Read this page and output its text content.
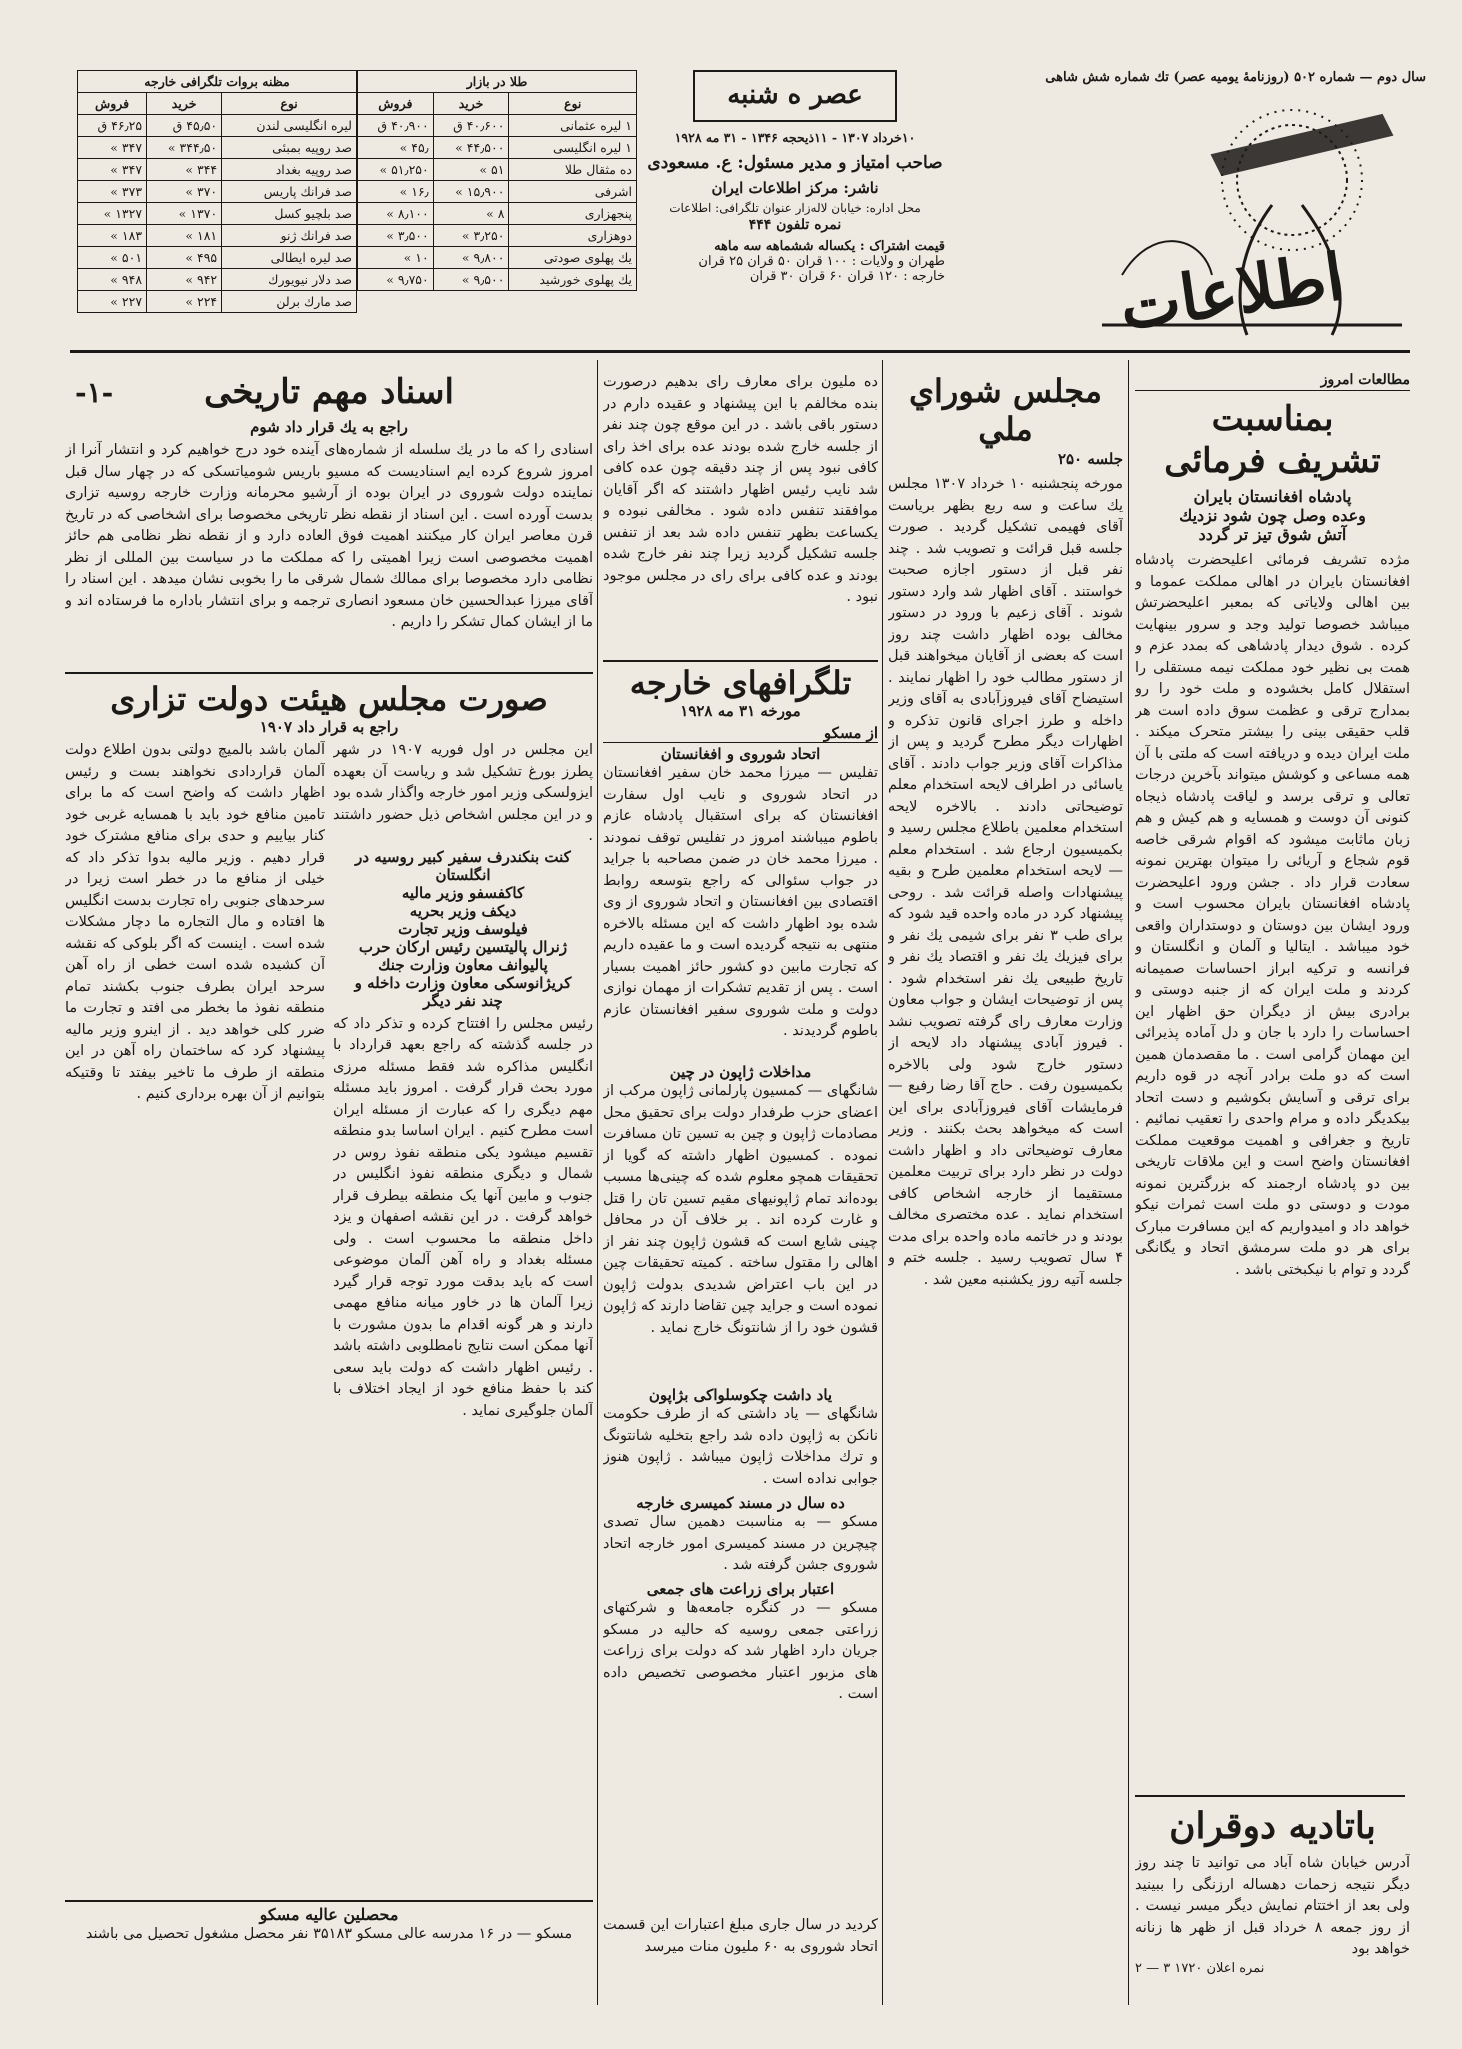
سال دوم — شماره ۵۰۲ (روزنامهٔ یومیه عصر) تك شماره شش شاهی
اطلاعات
عصر ه شنبه
۱۰خرداد ۱۳۰۷ - ۱۱ذیحجه ۱۳۴۶ - ۳۱ مه ۱۹۲۸
صاحب امتیاز و مدیر مسئول: ع. مسعودی
ناشر: مرکز اطلاعات ایران
محل اداره: خیابان لاله‌زار عنوان تلگرافی: اطلاعات
نمره تلفون ۴۴۴
قیمت اشتراک : یکساله ششماهه سه ماهه
طهران و ولایات : ۱۰۰ قران ۵۰ قران ۲۵ قران
خارجه : ۱۲۰ قران ۶۰ قران ۳۰ قران
طلا در بازار		
نوع	خرید	فروش
۱ لیره عثمانی	۴۰٫۶۰۰ ق	۴۰٫۹۰۰ ق
۱ لیره انگلیسی	۴۴٫۵۰۰ »	۴۵٫ »
ده مثقال طلا	۵۱ »	۵۱٫۲۵۰ »
اشرفی	۱۵٫۹۰۰ »	۱۶٫ »
پنجهزاری	۸ »	۸٫۱۰۰ »
دوهزاری	۳٫۲۵۰ »	۳٫۵۰۰ »
یك پهلوی صودتی	۹٫۸۰۰ »	۱۰ »
یك پهلوی خورشید	۹٫۵۰۰ »	۹٫۷۵۰ »
مظنه بروات تلگرافی خارجه		
نوع	خرید	فروش
لیره انگلیسی لندن	۴۵٫۵۰ ق	۴۶٫۲۵ ق
صد روپیه بمبئی	۳۴۴٫۵۰ »	۳۴۷ »
صد روپیه بغداد	۳۴۴ »	۳۴۷ »
صد فرانك پاریس	۳۷۰ »	۳۷۳ »
صد بلچیو کسل	۱۳۷۰ »	۱۳۲۷ »
صد فرانك ژنو	۱۸۱ »	۱۸۳ »
صد لیره ایطالی	۴۹۵ »	۵۰۱ »
صد دلار نیویورك	۹۴۲ »	۹۴۸ »
صد مارك برلن	۲۲۴ »	۲۲۷ »
مطالعات امروز
بمناسبت
تشریف فرمائی
پادشاه افغانستان بایران
وعده وصل چون شود نزدیك
آتش شوق تیز تر گردد
مژده تشریف فرمائی اعلیحضرت پادشاه افغانستان بایران در اهالی مملکت عموما و بین اهالی ولایاتی که بمعبر اعلیحضرتش میباشد خصوصا تولید وجد و سرور بینهایت کرده . شوق دیدار پادشاهی که بمدد عزم و همت بی نظیر خود مملکت نیمه مستقلی را استقلال کامل بخشوده و ملت خود را رو بمدارج ترقی و عظمت سوق داده است هر قلب حقیقی بینی را بیشتر متحرک میکند . ملت ایران دیده و دریافته است که ملتی با آن همه مساعی و کوشش میتواند بآخرین درجات تعالی و ترقی برسد و لیاقت پادشاه ذیجاه کنونی آن دوست و همسایه و هم کیش و هم زبان ماثابت میشود که اقوام شرقی خاصه قوم شجاع و آریائی را میتوان بهترین نمونه سعادت قرار داد . جشن ورود اعلیحضرت پادشاه افغانستان بایران محسوب است و ورود ایشان بین دوستان و دوستداران واقعی خود میباشد . ایتالیا و آلمان و انگلستان و فرانسه و ترکیه ابراز احساسات صمیمانه کردند و ملت ایران که از جنبه دوستی و برادری بیش از دیگران حق اظهار این احساسات را دارد با جان و دل آماده پذیرائی این مهمان گرامی است . ما مقصدمان همین است که دو ملت برادر آنچه در قوه داریم برای ترقی و آسایش بکوشیم و دست اتحاد بیکدیگر داده و مرام واحدی را تعقیب نمائیم . تاریخ و جغرافی و اهمیت موقعیت مملکت افغانستان واضح است و این ملاقات تاریخی بین دو پادشاه ارجمند که بزرگترین نمونه مودت و دوستی دو ملت است ثمرات نیکو خواهد داد و امیدواریم که این مسافرت مبارک برای هر دو ملت سرمشق اتحاد و یگانگی گردد و توام با نیکبختی باشد .
باتادیه دوقران
آدرس خیابان شاه آباد می توانید تا چند روز دیگر نتیجه زحمات دهساله ارزنگی را ببینید ولی بعد از اختتام نمایش دیگر میسر نیست . از روز جمعه ۸ خرداد قبل از ظهر ها زنانه خواهد بود
نمره اعلان ۱۷۲۰ ۳ — ۲
مجلس شوراي ملي
جلسه ۲۵۰
مورخه پنجشنبه ۱۰ خرداد ۱۳۰۷ مجلس یك ساعت و سه ربع بظهر بریاست آقای فهیمی تشکیل گردید . صورت جلسه قبل قرائت و تصویب شد . چند نفر قبل از دستور اجازه صحبت خواستند . آقای اظهار شد وارد دستور شوند . آقای زعیم با ورود در دستور مخالف بوده اظهار داشت چند روز است که بعضی از آقایان میخواهند قبل از دستور مطالب خود را اظهار نمایند . استیضاح آقای فیروزآبادی به آقای وزیر داخله و طرز اجرای قانون تذکره و اظهارات دیگر مطرح گردید و پس از مذاکرات آقای وزیر جواب دادند . آقای یاسائی در اطراف لایحه استخدام معلم توضیحاتی دادند . بالاخره لایحه استخدام معلمین باطلاع مجلس رسید و بکمیسیون ارجاع شد . استخدام معلم — لایحه استخدام معلمین طرح و بقیه پیشنهادات واصله قرائت شد . روحی پیشنهاد کرد در ماده واحده قید شود که برای طب ۳ نفر برای شیمی یك نفر و برای فیزیك یك نفر و اقتصاد یك نفر و تاریخ طبیعی یك نفر استخدام شود . پس از توضیحات ایشان و جواب معاون وزارت معارف رای گرفته تصویب نشد . فیروز آبادی پیشنهاد داد لایحه از دستور خارج شود ولی بالاخره بکمیسیون رفت . حاج آقا رضا رفیع — فرمایشات آقای فیروزآبادی برای این است که میخواهد بحث بکنند . وزیر معارف توضیحاتی داد و اظهار داشت دولت در نظر دارد برای تربیت معلمین مستقیما از خارجه اشخاص کافی استخدام نماید . عده مختصری مخالف بودند و در خاتمه ماده واحده برای مدت ۴ سال تصویب رسید . جلسه ختم و جلسه آتیه روز یکشنبه معین شد .
ده ملیون برای معارف رای بدهیم درصورت بنده مخالفم با این پیشنهاد و عقیده دارم در دستور باقی باشد . در این موقع چون چند نفر از جلسه خارج شده بودند عده برای اخذ رای کافی نبود پس از چند دقیقه چون عده کافی شد نایب رئیس اظهار داشتند که اگر آقایان موافقند تنفس داده شود . مخالفی نبوده و یکساعت بظهر تنفس داده شد بعد از تنفس جلسه تشکیل گردید زیرا چند نفر خارج شده بودند و عده کافی برای رای در مجلس موجود نبود .
تلگرافهای خارجه
مورخه ۳۱ مه ۱۹۲۸
از مسکو
اتحاد شوروی و افغانستان
تفلیس — میرزا محمد خان سفیر افغانستان در اتحاد شوروی و نایب اول سفارت افغانستان که برای استقبال پادشاه عازم باطوم میباشند امروز در تفلیس توقف نمودند . میرزا محمد خان در ضمن مصاحبه با جراید در جواب سئوالی که راجع بتوسعه روابط اقتصادی بین افغانستان و اتحاد شوروی از وی شده بود اظهار داشت که این مسئله بالاخره منتهی به نتیجه گردیده است و ما عقیده داریم که تجارت مابین دو کشور حائز اهمیت بسیار است . پس از تقدیم تشکرات از مهمان نوازی دولت و ملت شوروی سفیر افغانستان عازم باطوم گردیدند .
مداخلات ژاپون در چین
شانگهای — کمسیون پارلمانی ژاپون مرکب از اعضای حزب طرفدار دولت برای تحقیق محل مصادمات ژاپون و چین به تسین تان مسافرت نموده . کمسیون اظهار داشته که گویا از تحقیقات همچو معلوم شده که چینی‌ها مسبب بوده‌اند تمام ژاپونیهای مقیم تسین تان را قتل و غارت کرده اند . بر خلاف آن در محافل چینی شایع است که قشون ژاپون چند نفر از اهالی را مقتول ساخته . کمیته تحقیقات چین در این باب اعتراض شدیدی بدولت ژاپون نموده است و جراید چین تقاضا دارند که ژاپون قشون خود را از شانتونگ خارج نماید .
یاد داشت چکوسلواکی بژاپون
شانگهای — یاد داشتی که از طرف حکومت نانکن به ژاپون داده شد راجع بتخلیه شانتونگ و ترك مداخلات ژاپون میباشد . ژاپون هنوز جوابی نداده است .
ده سال در مسند کمیسری خارجه
مسکو — به مناسبت دهمین سال تصدی چیچرین در مسند کمیسری امور خارجه اتحاد شوروی جشن گرفته شد .
اعتبار برای زراعت های جمعی
مسکو — در کنگره جامعه‌ها و شرکتهای زراعتی جمعی روسیه که حالیه در مسکو جریان دارد اظهار شد که دولت برای زراعت های مزبور اعتبار مخصوصی تخصیص داده است .
اسناد مهم تاریخی
-۱-
راجع به یك قرار داد شوم
اسنادی را که ما در یك سلسله از شماره‌های آینده خود درج خواهیم کرد و انتشار آنرا از امروز شروع کرده ایم اسنادیست که مسیو باریس شومیاتسکی که در چهار سال قبل نماینده دولت شوروی در ایران بوده از آرشیو محرمانه وزارت خارجه روسیه تزاری بدست آورده است . این اسناد از نقطه نظر تاریخی مخصوصا برای اشخاصی که در تاریخ قرن معاصر ایران کار میکنند اهمیت فوق العاده دارد و از نقطه نظر نظامی هم حائز اهمیت مخصوصی است زیرا اهمیتی را که مملکت ما در سیاست بین المللی از نظر نظامی دارد مخصوصا برای ممالك شمال شرقی ما را بخوبی نشان میدهد . این اسناد را آقای میرزا عبدالحسین خان مسعود انصاری ترجمه و برای انتشار باداره ما فرستاده اند و ما از ایشان کمال تشکر را داریم .
صورت مجلس هیئت دولت تزاری
راجع به قرار داد ۱۹۰۷
این مجلس در اول فوریه ۱۹۰۷ در شهر پطرز بورغ تشکیل شد و ریاست آن بعهده ایزولسکی وزیر امور خارجه واگذار شده بود و در این مجلس اشخاص ذیل حضور داشتند .
کنت بنکندرف سفیر کبیر روسیه در انگلستان
کاکفسفو وزیر مالیه
دیکف وزیر بحریه
فیلوسف وزیر تجارت
ژنرال پالیتسین رئیس ارکان حرب
پالیوانف معاون وزارت جنك
کریژانوسکی معاون وزارت داخله و
چند نفر دیگر
رئیس مجلس را افتتاح کرده و تذکر داد که در جلسه گذشته که راجع بعهد قرارداد با انگلیس مذاکره شد فقط مسئله مرزی مورد بحث قرار گرفت . امروز باید مسئله مهم دیگری را که عبارت از مسئله ایران است مطرح کنیم . ایران اساسا بدو منطقه تقسیم میشود یکی منطقه نفوذ روس در شمال و دیگری منطقه نفوذ انگلیس در جنوب و مابین آنها یک منطقه بیطرف قرار خواهد گرفت . در این نقشه اصفهان و یزد داخل منطقه ما محسوب است . ولی مسئله بغداد و راه آهن آلمان موضوعی است که باید بدقت مورد توجه قرار گیرد زیرا آلمان ها در خاور میانه منافع مهمی دارند و هر گونه اقدام ما بدون مشورت با آنها ممکن است نتایج نامطلوبی داشته باشد . رئیس اظهار داشت که دولت باید سعی کند با حفظ منافع خود از ایجاد اختلاف با آلمان جلوگیری نماید .
آلمان باشد بالمیچ دولتی بدون اطلاع دولت آلمان قراردادی نخواهند بست و رئیس اظهار داشت که واضح است که ما برای تامین منافع خود باید با همسایه غربی خود کنار بیاییم و حدی برای منافع مشترک خود قرار دهیم . وزیر مالیه بدوا تذکر داد که خیلی از منافع ما در خطر است زیرا در سرحدهای جنوبی راه تجارت بدست انگلیس ها افتاده و مال التجاره ما دچار مشکلات شده است . اینست که اگر بلوکی که نقشه آن کشیده شده است خطی از راه آهن سرحد ایران بطرف جنوب بکشند تمام منطقه نفوذ ما بخطر می افتد و تجارت ما ضرر کلی خواهد دید . از اینرو وزیر مالیه پیشنهاد کرد که ساختمان راه آهن در این منطقه از طرف ما تاخیر بیفتد تا وقتیکه بتوانیم از آن بهره برداری کنیم .
محصلین عالیه مسکو
مسکو — در ۱۶ مدرسه عالی مسکو ۳۵۱۸۳ نفر محصل مشغول تحصیل می باشند
کردید در سال جاری مبلغ اعتبارات این قسمت اتحاد شوروی به ۶۰ ملیون منات میرسد
